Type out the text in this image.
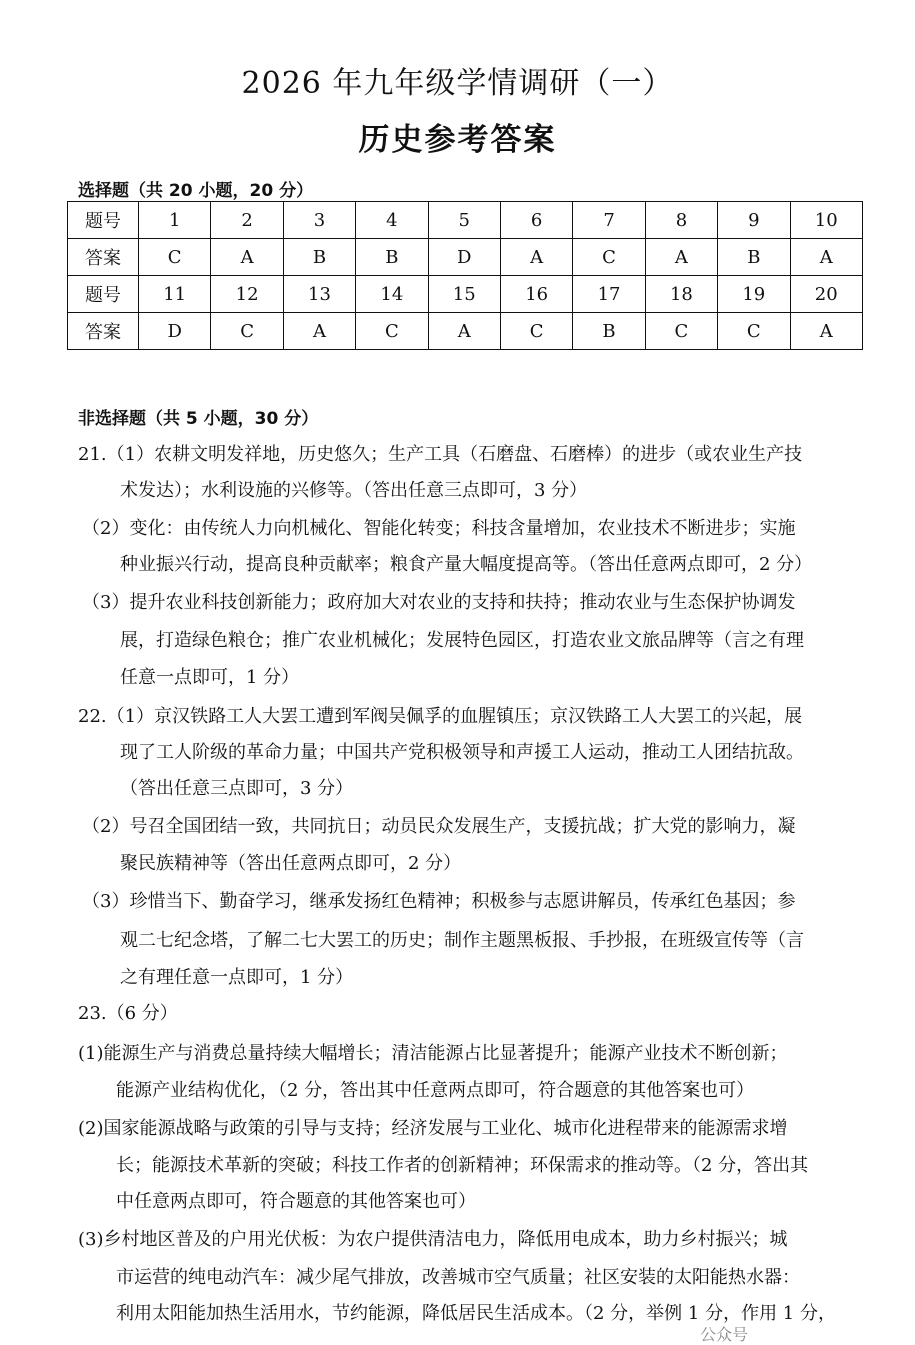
2026 年九年级学情调研（一）
历史参考答案
选择题（共 20 小题，20 分）
题号	1	2	3	4	5	6	7	8	9	10
答案	C	A	B	B	D	A	C	A	B	A
题号	11	12	13	14	15	16	17	18	19	20
答案	D	C	A	C	A	C	B	C	C	A
非选择题（共 5 小题，30 分）
21.（1）农耕文明发祥地，历史悠久；生产工具（石磨盘、石磨棒）的进步（或农业生产技
术发达）；水利设施的兴修等。（答出任意三点即可，3 分）
（2）变化：由传统人力向机械化、智能化转变；科技含量增加，农业技术不断进步；实施
种业振兴行动，提高良种贡献率；粮食产量大幅度提高等。（答出任意两点即可，2 分）
（3）提升农业科技创新能力；政府加大对农业的支持和扶持；推动农业与生态保护协调发
展，打造绿色粮仓；推广农业机械化；发展特色园区，打造农业文旅品牌等（言之有理
任意一点即可，1 分）
22.（1）京汉铁路工人大罢工遭到军阀吴佩孚的血腥镇压；京汉铁路工人大罢工的兴起，展
现了工人阶级的革命力量；中国共产党积极领导和声援工人运动，推动工人团结抗敌。
（答出任意三点即可，3 分）
（2）号召全国团结一致，共同抗日；动员民众发展生产，支援抗战；扩大党的影响力，凝
聚民族精神等（答出任意两点即可，2 分）
（3）珍惜当下、勤奋学习，继承发扬红色精神；积极参与志愿讲解员，传承红色基因；参
观二七纪念塔，了解二七大罢工的历史；制作主题黑板报、手抄报，在班级宣传等（言
之有理任意一点即可，1 分）
23.（6 分）
(1)能源生产与消费总量持续大幅增长；清洁能源占比显著提升；能源产业技术不断创新；
能源产业结构优化，（2 分，答出其中任意两点即可，符合题意的其他答案也可）
(2)国家能源战略与政策的引导与支持；经济发展与工业化、城市化进程带来的能源需求增
长；能源技术革新的突破；科技工作者的创新精神；环保需求的推动等。（2 分，答出其
中任意两点即可，符合题意的其他答案也可）
(3)乡村地区普及的户用光伏板：为农户提供清洁电力，降低用电成本，助力乡村振兴；城
市运营的纯电动汽车：减少尾气排放，改善城市空气质量；社区安装的太阳能热水器：
利用太阳能加热生活用水，节约能源，降低居民生活成本。（2 分，举例 1 分，作用 1 分，
公众号
